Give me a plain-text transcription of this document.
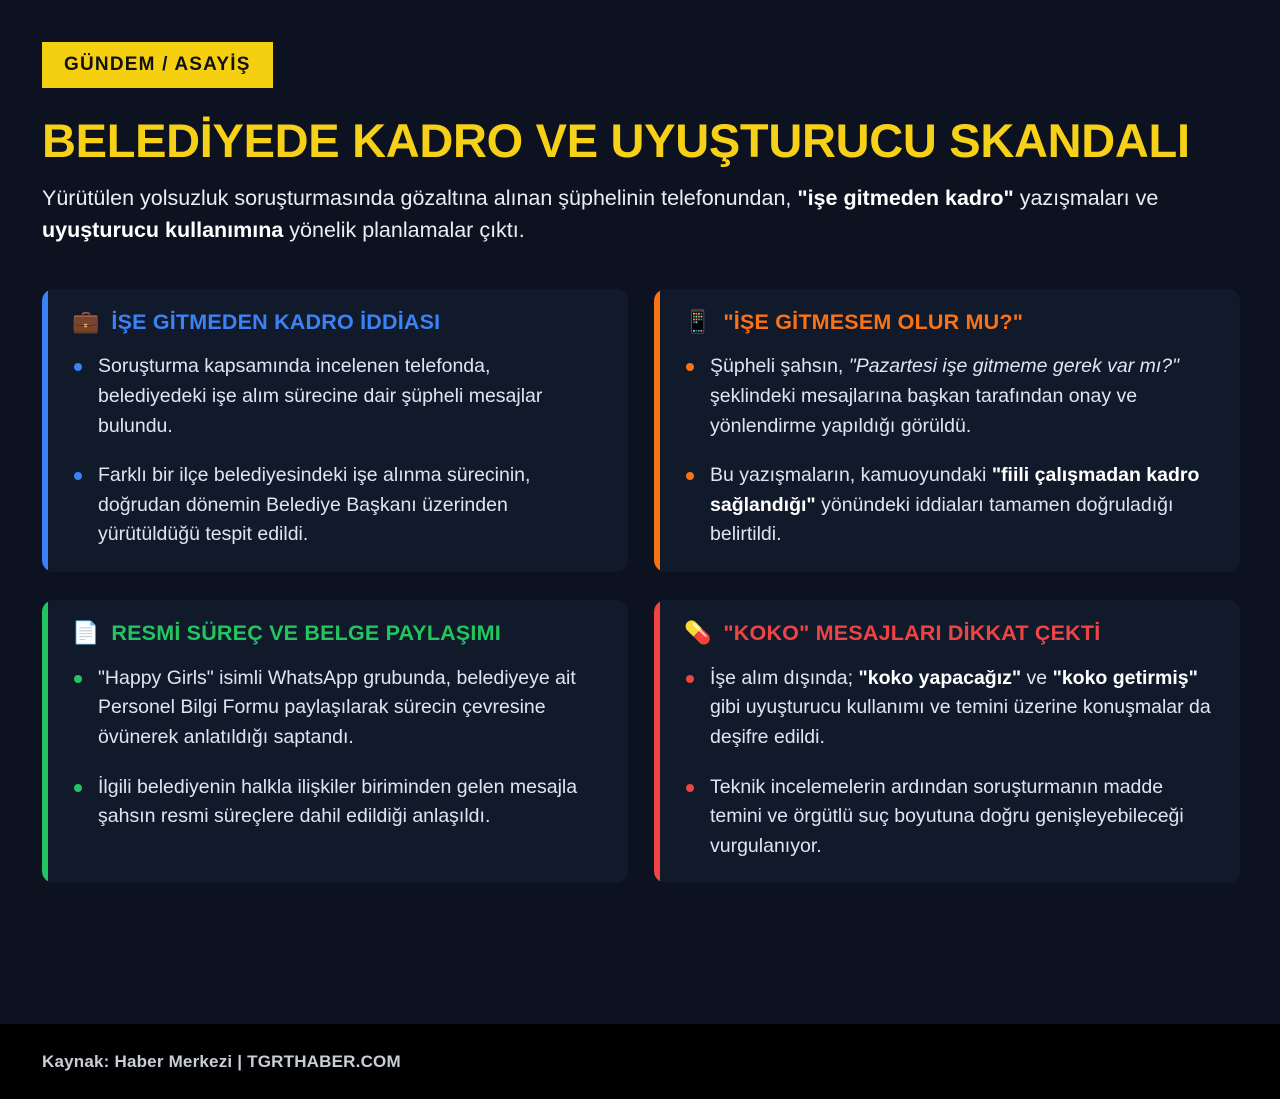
GÜNDEM / ASAYİŞ
BELEDİYEDE KADRO VE UYUŞTURUCU SKANDALI

Yürütülen yolsuzluk soruşturmasında gözaltına alınan şüphelinin telefonundan, "işe gitmeden kadro" yazışmaları ve uyuşturucu kullanımına yönelik planlamalar çıktı.

💼 İŞE GİTMEDEN KADRO İDDİASI
Soruşturma kapsamında incelenen telefonda, belediyedeki işe alım sürecine dair şüpheli mesajlar bulundu.
Farklı bir ilçe belediyesindeki işe alınma sürecinin, doğrudan dönemin Belediye Başkanı üzerinden yürütüldüğü tespit edildi.
📱 "İŞE GİTMESEM OLUR MU?"
Şüpheli şahsın, "Pazartesi işe gitmeme gerek var mı?" şeklindeki mesajlarına başkan tarafından onay ve yönlendirme yapıldığı görüldü.
Bu yazışmaların, kamuoyundaki "fiili çalışmadan kadro sağlandığı" yönündeki iddiaları tamamen doğruladığı belirtildi.
📄 RESMİ SÜREÇ VE BELGE PAYLAŞIMI
"Happy Girls" isimli WhatsApp grubunda, belediyeye ait Personel Bilgi Formu paylaşılarak sürecin çevresine övünerek anlatıldığı saptandı.
İlgili belediyenin halkla ilişkiler biriminden gelen mesajla şahsın resmi süreçlere dahil edildiği anlaşıldı.
💊 "KOKO" MESAJLARI DİKKAT ÇEKTİ
İşe alım dışında; "koko yapacağız" ve "koko getirmiş" gibi uyuşturucu kullanımı ve temini üzerine konuşmalar da deşifre edildi.
Teknik incelemelerin ardından soruşturmanın madde temini ve örgütlü suç boyutuna doğru genişleyebileceği vurgulanıyor.
Kaynak: Haber Merkezi | TGRTHABER.COM
